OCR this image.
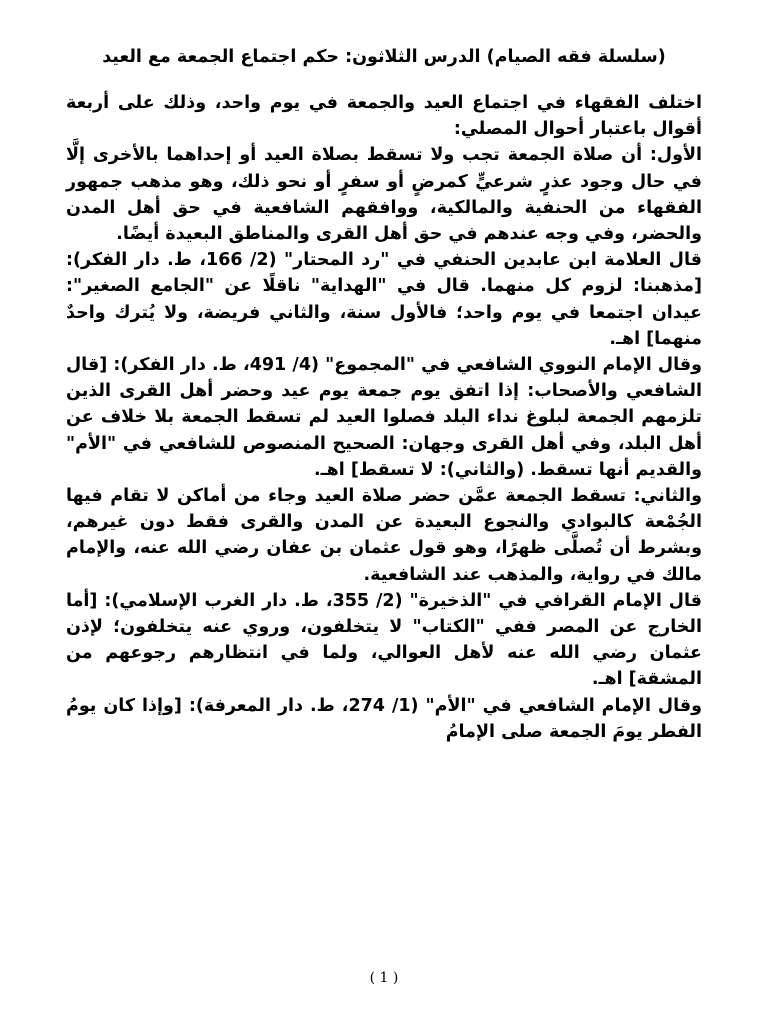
(سلسلة فقه الصيام) الدرس الثلاثون: حكم اجتماع الجمعة مع العيد

اختلف الفقهاء في اجتماع العيد والجمعة في يوم واحد، وذلك على أربعة أقوال باعتبار أحوال المصلي:

الأول: أن صلاة الجمعة تجب ولا تسقط بصلاة العيد أو إحداهما بالأخرى إلَّا في حال وجود عذرٍ شرعيٍّ كمرضٍ أو سفرٍ أو نحو ذلك، وهو مذهب جمهور الفقهاء من الحنفية والمالكية، ووافقهم الشافعية في حق أهل المدن والحضر، وفي وجه عندهم في حق أهل القرى والمناطق البعيدة أيضًا.

قال العلامة ابن عابدين الحنفي في "رد المحتار" (2/ 166، ط. دار الفكر): [مذهبنا: لزوم كل منهما. قال في "الهداية" ناقلًا عن "الجامع الصغير": عيدان اجتمعا في يوم واحد؛ فالأول سنة، والثاني فريضة، ولا يُترك واحدٌ منهما] اهـ.

وقال الإمام النووي الشافعي في "المجموع" (4/ 491، ط. دار الفكر): [قال الشافعي والأصحاب: إذا اتفق يوم جمعة يوم عيد وحضر أهل القرى الذين تلزمهم الجمعة لبلوغ نداء البلد فصلوا العيد لم تسقط الجمعة بلا خلاف عن أهل البلد، وفي أهل القرى وجهان: الصحيح المنصوص للشافعي في "الأم" والقديم أنها تسقط. (والثاني): لا تسقط] اهـ.

والثاني: تسقط الجمعة عمَّن حضر صلاة العيد وجاء من أماكن لا تقام فيها الجُمْعة كالبوادي والنجوع البعيدة عن المدن والقرى فقط دون غيرهم، وبشرط أن تُصلَّى ظهرًا، وهو قول عثمان بن عفان رضي الله عنه، والإمام مالك في رواية، والمذهب عند الشافعية.

قال الإمام القرافي في "الذخيرة" (2/ 355، ط. دار الغرب الإسلامي): [أما الخارج عن المصر ففي "الكتاب" لا يتخلفون، وروي عنه يتخلفون؛ لإذن عثمان رضي الله عنه لأهل العوالي، ولما في انتظارهم رجوعهم من المشقة] اهـ.

وقال الإمام الشافعي في "الأم" (1/ 274، ط. دار المعرفة): [وإذا كان يومُ الفطر يومَ الجمعة صلى الإمامُ

( 1 )
